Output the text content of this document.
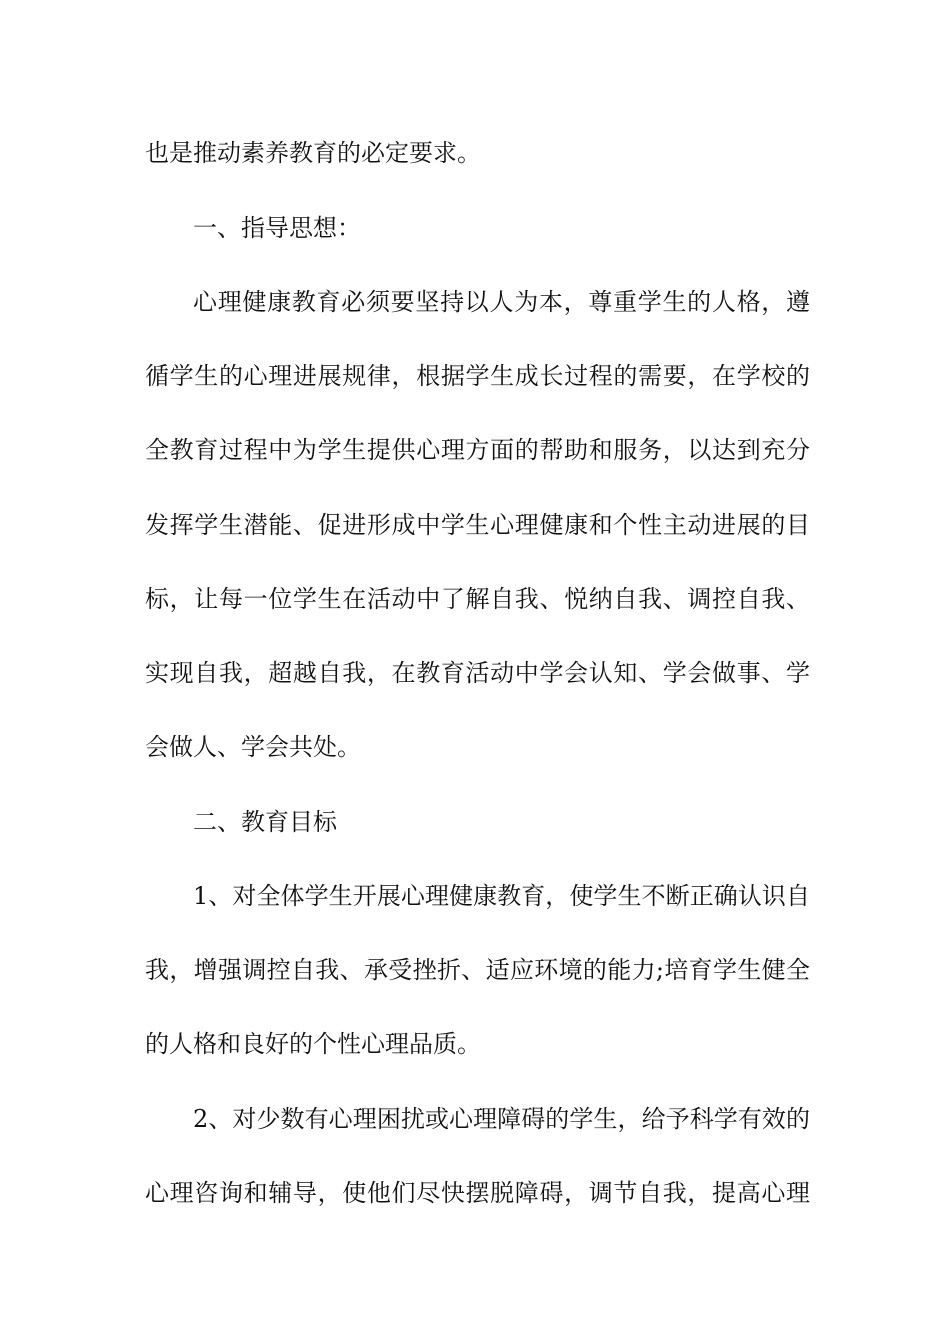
也是推动素养教育的必定要求。
一、指导思想：
心理健康教育必须要坚持以人为本，尊重学生的人格，遵
循学生的心理进展规律，根据学生成长过程的需要，在学校的
全教育过程中为学生提供心理方面的帮助和服务，以达到充分
发挥学生潜能、促进形成中学生心理健康和个性主动进展的目
标，让每一位学生在活动中了解自我、悦纳自我、调控自我、
实现自我，超越自我，在教育活动中学会认知、学会做事、学
会做人、学会共处。
二、教育目标
1、对全体学生开展心理健康教育，使学生不断正确认识自
我，增强调控自我、承受挫折、适应环境的能力;培育学生健全
的人格和良好的个性心理品质。
2、对少数有心理困扰或心理障碍的学生，给予科学有效的
心理咨询和辅导，使他们尽快摆脱障碍，调节自我，提高心理
